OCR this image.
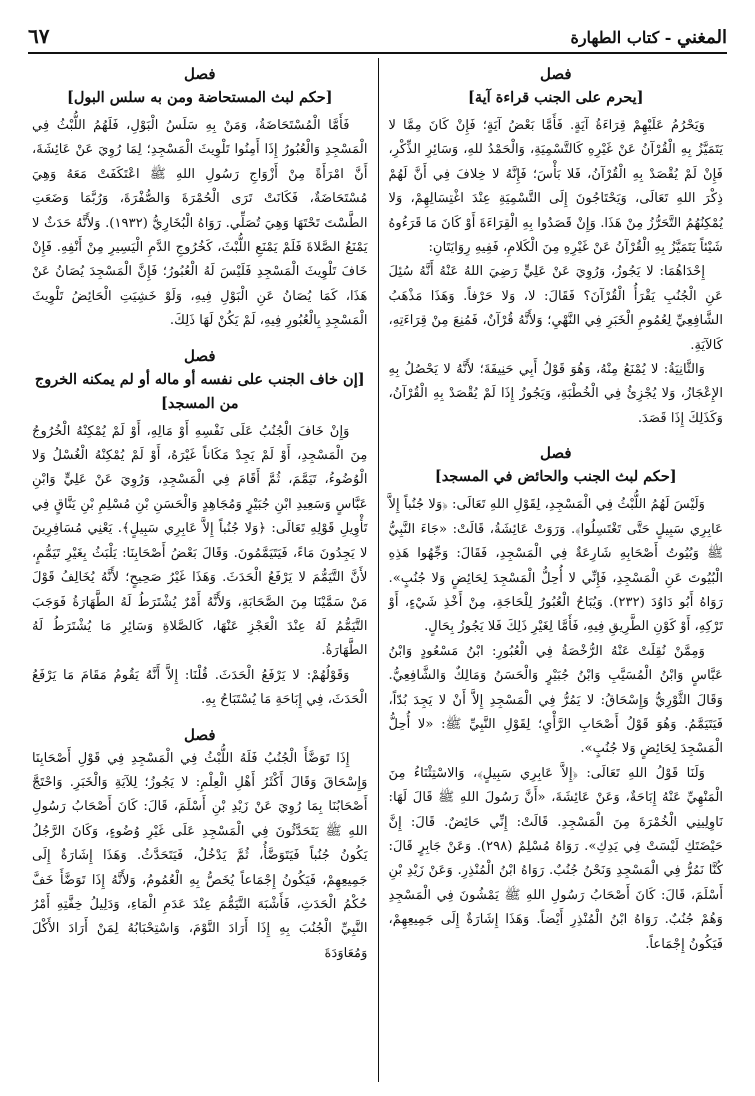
٦٧	المغني - كتاب الطهارة
فصل
[يحرم على الجنب قراءة آية]

وَيَحْرُمُ عَلَيْهِمْ قِرَاءَةُ آيَةٍ. فَأَمَّا بَعْضُ آيَةٍ؛ فَإِنْ كَانَ مِمَّا لا يَتَمَيَّزُ بِهِ الْقُرْآنُ عَنْ غَيْرِهِ كَالتَّسْمِيَةِ، وَالْحَمْدُ للهِ، وَسَائِرِ الذِّكْرِ، فَإِنْ لَمْ يُقْصَدْ بِهِ الْقُرْآنُ، فَلا بَأْسَ؛ فَإِنَّهُ لا خِلافَ فِي أَنَّ لَهُمْ ذِكْرَ اللهِ تَعَالَى، وَيَحْتَاجُونَ إِلَى التَّسْمِيَةِ عِنْدَ اغْتِسَالِهِمْ، وَلا يُمْكِنُهُمُ التَّحَرُّزُ مِنْ هَذَا. وَإِنْ قَصَدُوا بِهِ الْقِرَاءَةَ أَوْ كَانَ مَا قَرَءُوهُ شَيْئاً يَتَمَيَّزُ بِهِ الْقُرْآنُ عَنْ غَيْرِهِ مِنَ الْكَلامِ، فَفِيهِ رِوَايَتَانِ:

إِحْدَاهُمَا: لا يَجُوزُ، وَرُوِيَ عَنْ عَلِيٍّ رَضِيَ اللهُ عَنْهُ أَنَّهُ سُئِلَ عَنِ الْجُنُبِ يَقْرَأُ الْقُرْآنَ؟ فَقَالَ: لا، وَلا حَرْفاً. وَهَذَا مَذْهَبُ الشَّافِعِيِّ لِعُمُومِ الْخَبَرِ فِي النَّهْيِ؛ وَلأَنَّهُ قُرْآنٌ، فَمُنِعَ مِنْ قِرَاءَتِهِ، كَالآيَةِ.

وَالثَّانِيَةُ: لا يُمْنَعُ مِنْهُ، وَهُوَ قَوْلُ أَبِي حَنِيفَةَ؛ لأَنَّهُ لا يَحْصُلُ بِهِ الإِعْجَازُ، وَلا يُجْزِئُ فِي الْخُطْبَةِ، وَيَجُوزُ إِذَا لَمْ يُقْصَدْ بِهِ الْقُرْآنُ، وَكَذَلِكَ إِذَا قَصَدَ.

فصل
[حكم لبث الجنب والحائض في المسجد]

وَلَيْسَ لَهُمُ اللُّبْثُ فِي الْمَسْجِدِ، لِقَوْلِ اللهِ تَعَالَى: ﴿وَلا جُنُباً إِلاَّ عَابِرِي سَبِيلٍ حَتَّى تَغْتَسِلُوا﴾. وَرَوَتْ عَائِشَةُ، قَالَتْ: «جَاءَ النَّبِيُّ ﷺ وَبُيُوتُ أَصْحَابِهِ شَارِعَةٌ فِي الْمَسْجِدِ، فَقَالَ: وَجِّهُوا هَذِهِ الْبُيُوتَ عَنِ الْمَسْجِدِ، فَإِنِّي لا أُحِلُّ الْمَسْجِدَ لِحَائِضٍ وَلا جُنُبٍ». رَوَاهُ أَبُو دَاوُدَ (٢٣٢). وَيُبَاحُ الْعُبُورُ لِلْحَاجَةِ، مِنْ أَخْذِ شَيْءٍ، أَوْ تَرْكِهِ، أَوْ كَوْنِ الطَّرِيقِ فِيهِ، فَأَمَّا لِغَيْرِ ذَلِكَ فَلا يَجُوزُ بِحَالٍ.

وَمِمَّنْ نُقِلَتْ عَنْهُ الرُّخْصَةُ فِي الْعُبُورِ: ابْنُ مَسْعُودٍ وَابْنُ عَبَّاسٍ وَابْنُ الْمُسَيَّبِ وَابْنُ جُبَيْرٍ وَالْحَسَنُ وَمَالِكٌ وَالشَّافِعِيُّ. وَقَالَ الثَّوْرِيُّ وَإِسْحَاقُ: لا يَمُرُّ فِي الْمَسْجِدِ إِلاَّ أَنْ لا يَجِدَ بُدّاً، فَيَتَيَمَّمُ. وَهُوَ قَوْلُ أَصْحَابِ الرَّأْيِ؛ لِقَوْلِ النَّبِيِّ ﷺ: «لا أُحِلُّ الْمَسْجِدَ لِحَائِضٍ وَلا جُنُبٍ».

وَلَنَا قَوْلُ اللهِ تَعَالَى: ﴿إِلاَّ عَابِرِي سَبِيلٍ﴾، وَالاسْتِثْنَاءُ مِنَ الْمَنْهِيِّ عَنْهُ إِبَاحَةٌ، وَعَنْ عَائِشَةَ، «أَنَّ رَسُولَ اللهِ ﷺ قَالَ لَهَا: نَاوِلِينِي الْخُمْرَةَ مِنَ الْمَسْجِدِ. قَالَتْ: إِنِّي حَائِضٌ. قَالَ: إِنَّ حَيْضَتَكِ لَيْسَتْ فِي يَدِكِ». رَوَاهُ مُسْلِمٌ (٢٩٨). وَعَنْ جَابِرٍ قَالَ: كُنَّا نَمُرُّ فِي الْمَسْجِدِ وَنَحْنُ جُنُبٌ. رَوَاهُ ابْنُ الْمُنْذِرِ. وَعَنْ زَيْدِ بْنِ أَسْلَمَ، قَالَ: كَانَ أَصْحَابُ رَسُولِ اللهِ ﷺ يَمْشُونَ فِي الْمَسْجِدِ وَهُمْ جُنُبٌ. رَوَاهُ ابْنُ الْمُنْذِرِ أَيْضاً. وَهَذَا إِشَارَةٌ إِلَى جَمِيعِهِمْ، فَيَكُونُ إِجْمَاعاً.

فصل
[حكم لبث المستحاضة ومن به سلس البول]

فَأَمَّا الْمُسْتَحَاضَةُ، وَمَنْ بِهِ سَلَسُ الْبَوْلِ، فَلَهُمُ اللُّبْثُ فِي الْمَسْجِدِ وَالْعُبُورُ إِذَا أَمِنُوا تَلْوِيثَ الْمَسْجِدِ؛ لِمَا رُوِيَ عَنْ عَائِشَةَ، أَنَّ امْرَأَةً مِنْ أَزْوَاجِ رَسُولِ اللهِ ﷺ اعْتَكَفَتْ مَعَهُ وَهِيَ مُسْتَحَاضَةٌ، فَكَانَتْ تَرَى الْحُمْرَةَ وَالصُّفْرَةَ، وَرُبَّمَا وَضَعَتِ الطَّسْتَ تَحْتَهَا وَهِيَ تُصَلِّي. رَوَاهُ الْبُخَارِيُّ (١٩٣٢). وَلأَنَّهُ حَدَثٌ لا يَمْنَعُ الصَّلاةَ فَلَمْ يَمْنَعِ اللُّبْثَ، كَخُرُوجِ الدَّمِ الْيَسِيرِ مِنْ أَنْفِهِ. فَإِنْ خَافَ تَلْوِيثَ الْمَسْجِدِ فَلَيْسَ لَهُ الْعُبُورُ؛ فَإِنَّ الْمَسْجِدَ يُصَانُ عَنْ هَذَا، كَمَا يُصَانُ عَنِ الْبَوْلِ فِيهِ، وَلَوْ خَشِيَتِ الْحَائِضُ تَلْوِيثَ الْمَسْجِدِ بِالْعُبُورِ فِيهِ، لَمْ يَكُنْ لَهَا ذَلِكَ.

فصل
[إن خاف الجنب على نفسه أو ماله أو لم يمكنه الخروج من المسجد]

وَإِنْ خَافَ الْجُنُبُ عَلَى نَفْسِهِ أَوْ مَالِهِ، أَوْ لَمْ يُمْكِنْهُ الْخُرُوجُ مِنَ الْمَسْجِدِ، أَوْ لَمْ يَجِدْ مَكَاناً غَيْرَهُ، أَوْ لَمْ يُمْكِنْهُ الْغُسْلُ وَلا الْوُضُوءُ، تَيَمَّمَ، ثُمَّ أَقَامَ فِي الْمَسْجِدِ، وَرُوِيَ عَنْ عَلِيٍّ وَابْنِ عَبَّاسٍ وَسَعِيدِ ابْنِ جُبَيْرٍ وَمُجَاهِدٍ وَالْحَسَنِ بْنِ مُسْلِمِ بْنِ يَنَّاقٍ فِي تَأْوِيلِ قَوْلِهِ تَعَالَى: ﴿وَلا جُنُباً إِلاَّ عَابِرِي سَبِيلٍ﴾. يَعْنِي مُسَافِرِينَ لا يَجِدُونَ مَاءً، فَيَتَيَمَّمُونَ. وَقَالَ بَعْضُ أَصْحَابِنَا: يَلْبَثُ بِغَيْرِ تَيَمُّمٍ، لأَنَّ التَّيَمُّمَ لا يَرْفَعُ الْحَدَثَ. وَهَذَا غَيْرُ صَحِيحٍ؛ لأَنَّهُ يُخَالِفُ قَوْلَ مَنْ سَمَّيْنَا مِنَ الصَّحَابَةِ، وَلأَنَّهُ أَمْرٌ يُشْتَرَطُ لَهُ الطَّهَارَةُ فَوَجَبَ التَّيَمُّمُ لَهُ عِنْدَ الْعَجْزِ عَنْهَا، كَالصَّلاةِ وَسَائِرِ مَا يُشْتَرَطُ لَهُ الطَّهَارَةُ.

وَقَوْلُهُمْ: لا يَرْفَعُ الْحَدَثَ. قُلْنَا: إِلاَّ أَنَّهُ يَقُومُ مَقَامَ مَا يَرْفَعُ الْحَدَثَ، فِي إِبَاحَةِ مَا يُسْتَبَاحُ بِهِ.

فصل

إِذَا تَوَضَّأَ الْجُنُبُ فَلَهُ اللُّبْثُ فِي الْمَسْجِدِ فِي قَوْلِ أَصْحَابِنَا وَإِسْحَاقَ وَقَالَ أَكْثَرُ أَهْلِ الْعِلْمِ: لا يَجُوزُ؛ لِلآيَةِ وَالْخَبَرِ. وَاحْتَجَّ أَصْحَابُنَا بِمَا رُوِيَ عَنْ زَيْدِ بْنِ أَسْلَمَ، قَالَ: كَانَ أَصْحَابُ رَسُولِ اللهِ ﷺ يَتَحَدَّثُونَ فِي الْمَسْجِدِ عَلَى غَيْرِ وُضُوءٍ، وَكَانَ الرَّجُلُ يَكُونُ جُنُباً فَيَتَوَضَّأُ، ثُمَّ يَدْخُلُ، فَيَتَحَدَّثُ. وَهَذَا إِشَارَةٌ إِلَى جَمِيعِهِمْ، فَيَكُونُ إِجْمَاعاً يُخَصُّ بِهِ الْعُمُومُ، وَلأَنَّهُ إِذَا تَوَضَّأَ خَفَّ حُكْمُ الْحَدَثِ، فَأَشْبَهَ التَّيَمُّمَ عِنْدَ عَدَمِ الْمَاءِ، وَدَلِيلُ خِفَّتِهِ أَمْرُ النَّبِيِّ الْجُنُبَ بِهِ إِذَا أَرَادَ النَّوْمَ، وَاسْتِحْبَابُهُ لِمَنْ أَرَادَ الأَكْلَ وَمُعَاوَدَةَ
